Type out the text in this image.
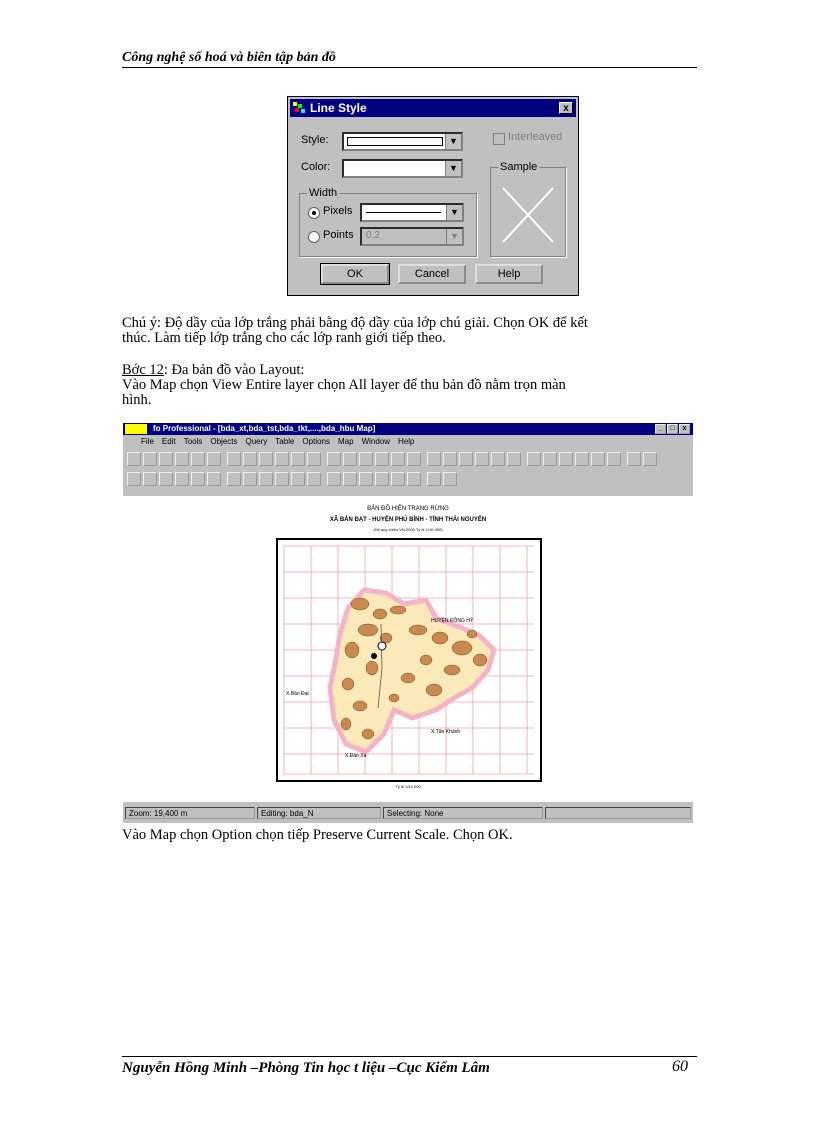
Công nghệ số hoá và biên tập bản đồ
Line Style	x
Style:	▼
Color:	▼
Interleaved
Sample
Width
Pixels	▼
Points 0.2	▼
OK	Cancel	Help
Chú ý: Độ dầy của lớp trắng phải bằng độ dầy của lớp chú giải. Chọn OK để kết
thúc. Làm tiếp lớp trắng cho các lớp ranh giới tiếp theo.
Bớc 12: Đa bản đồ vào Layout:
Vào Map chọn View Entire layer chọn All layer để thu bản đồ nằm trọn màn
hình.
fo Professional - [bda_xt,bda_tst,bda_tkt,....,bda_hbu Map]	_	□	x
File Edit Tools Objects Query Table Options Map Window Help
BẢN ĐỒ HIỆN TRẠNG RỪNG
XÃ BẢN ĐẠT - HUYỆN PHÚ BÌNH - TỈNH THÁI NGUYÊN
(Hệ quy chiếu VN-2000 Tỷ lệ 1/10.000)
HUYỆN ĐỒNG HỶ
X.Bàn Đạt
X.Tân Khánh
X.Đào Xá
Tỷ lệ 1/10.000
Zoom: 19,400 m	Editing: bda_N	Selecting: None
Vào Map chọn Option chọn tiếp Preserve Current Scale. Chọn OK.
Nguyễn Hồng Minh –Phòng Tin học t liệu –Cục Kiểm Lâm	60
